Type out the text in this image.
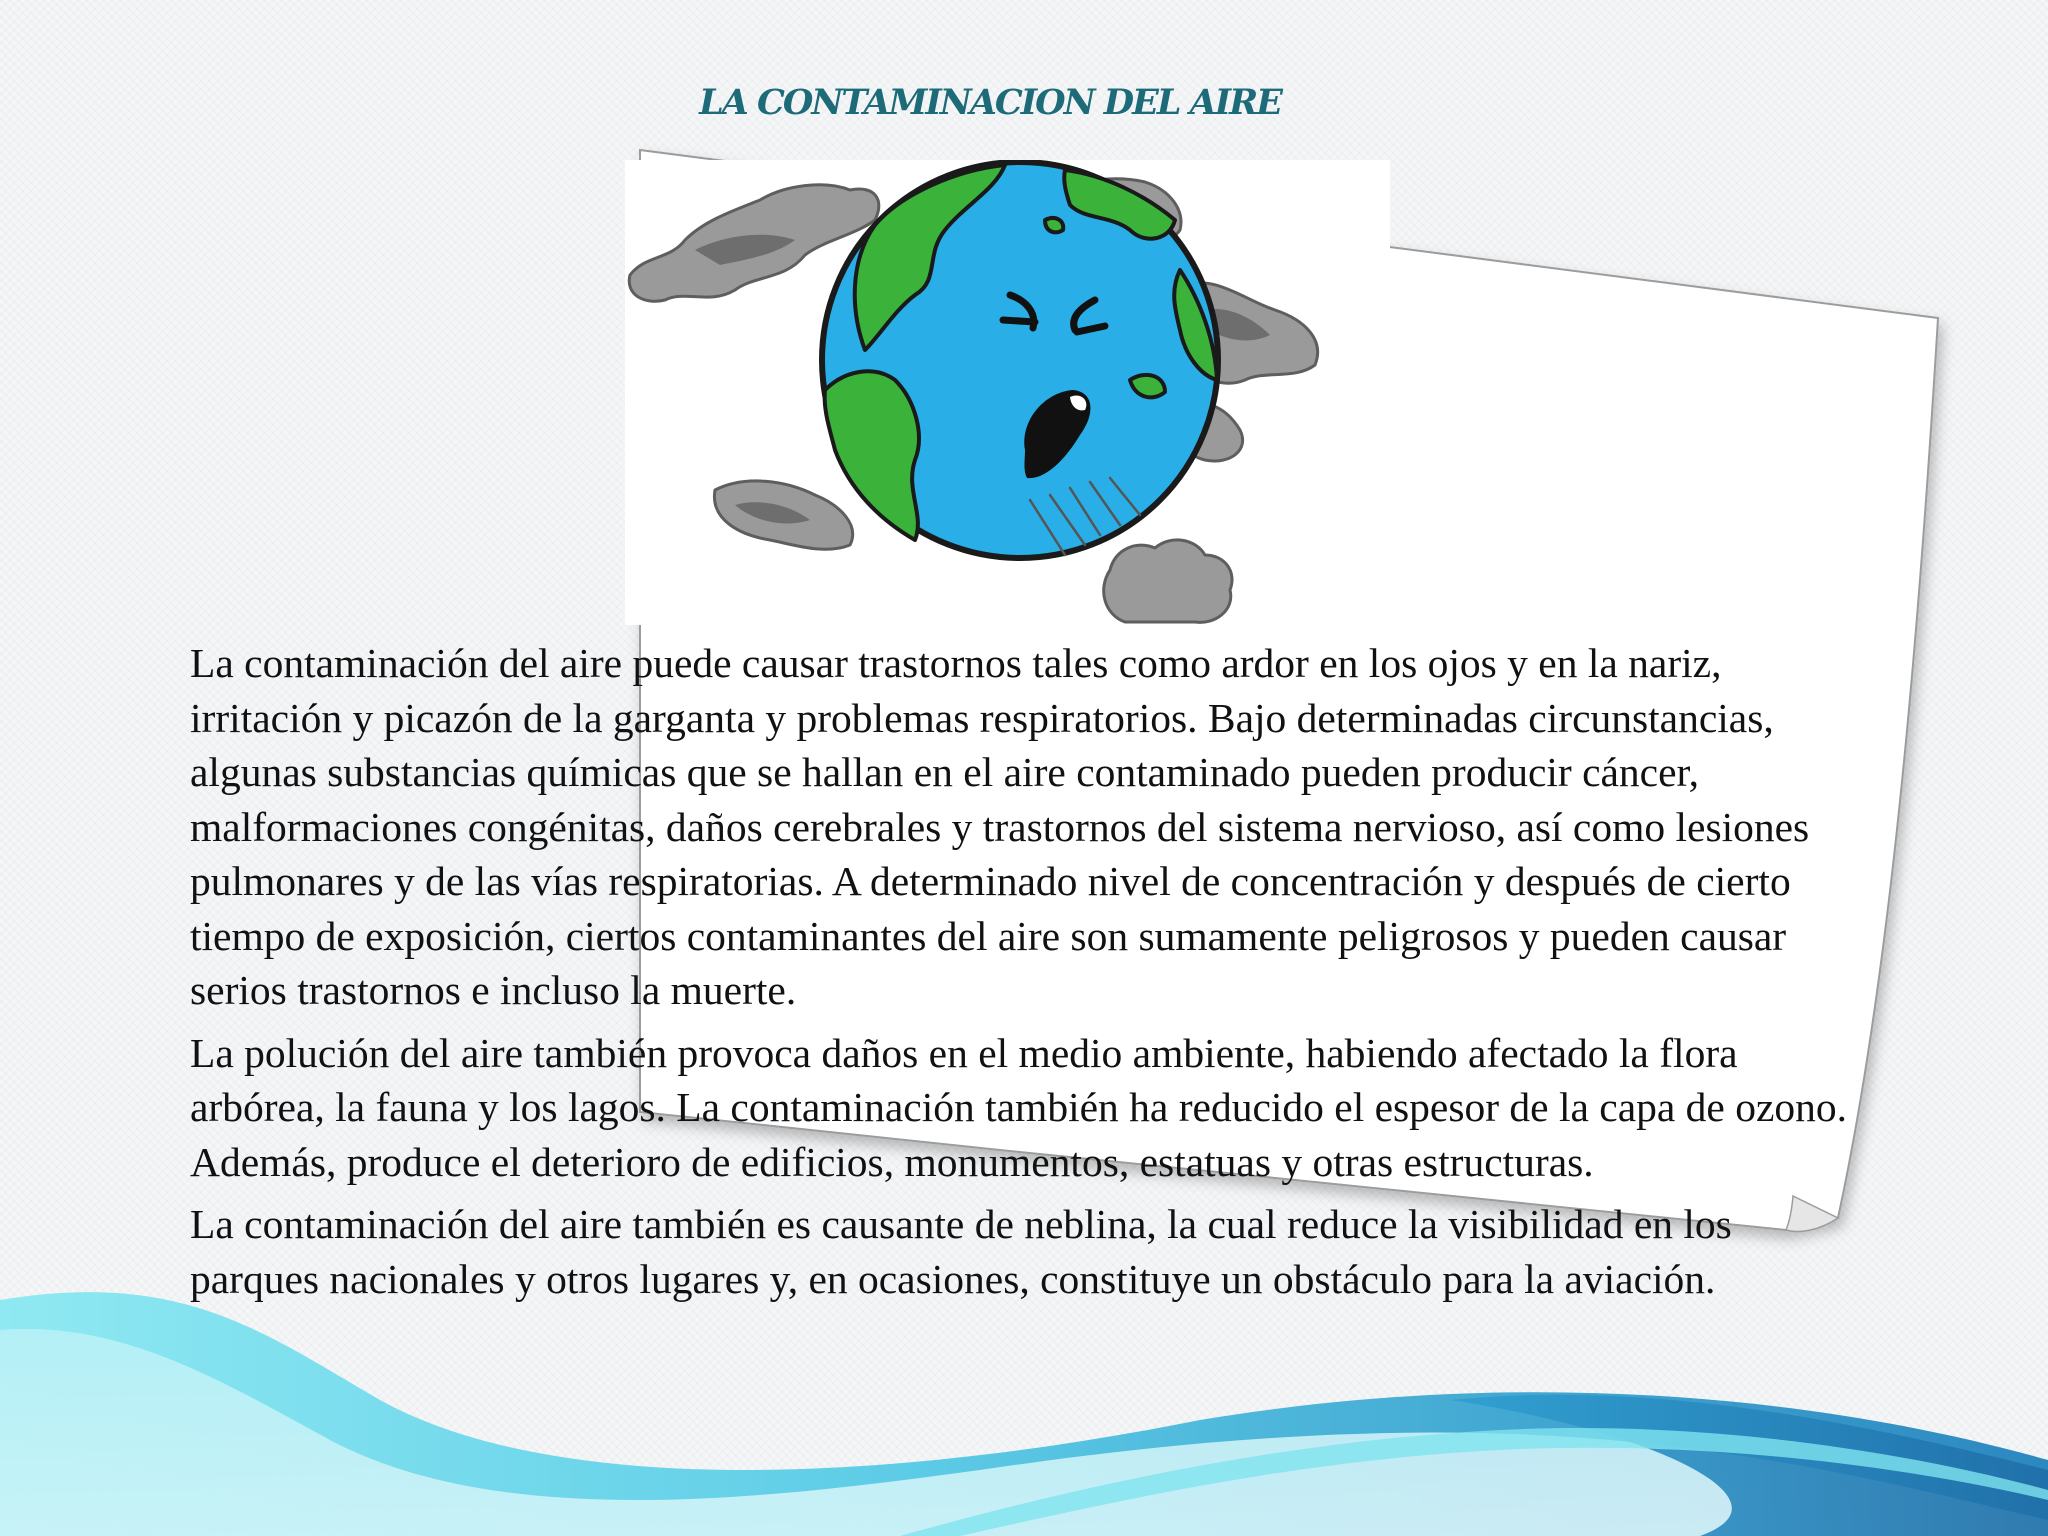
LA CONTAMINACION DEL AIRE

La contaminación del aire puede causar trastornos tales como ardor en los ojos y en la nariz, irritación y picazón de la garganta y problemas respiratorios. Bajo determinadas circunstancias, algunas substancias químicas que se hallan en el aire contaminado pueden producir cáncer, malformaciones congénitas, daños cerebrales y trastornos del sistema nervioso, así como lesiones pulmonares y de las vías respiratorias. A determinado nivel de concentración y después de cierto tiempo de exposición, ciertos contaminantes del aire son sumamente peligrosos y pueden causar serios trastornos e incluso la muerte.

La polución del aire también provoca daños en el medio ambiente, habiendo afectado la flora arbórea, la fauna y los lagos. La contaminación también ha reducido el espesor de la capa de ozono. Además, produce el deterioro de edificios, monumentos, estatuas y otras estructuras.

La contaminación del aire también es causante de neblina, la cual reduce la visibilidad en los parques nacionales y otros lugares y, en ocasiones, constituye un obstáculo para la aviación.
